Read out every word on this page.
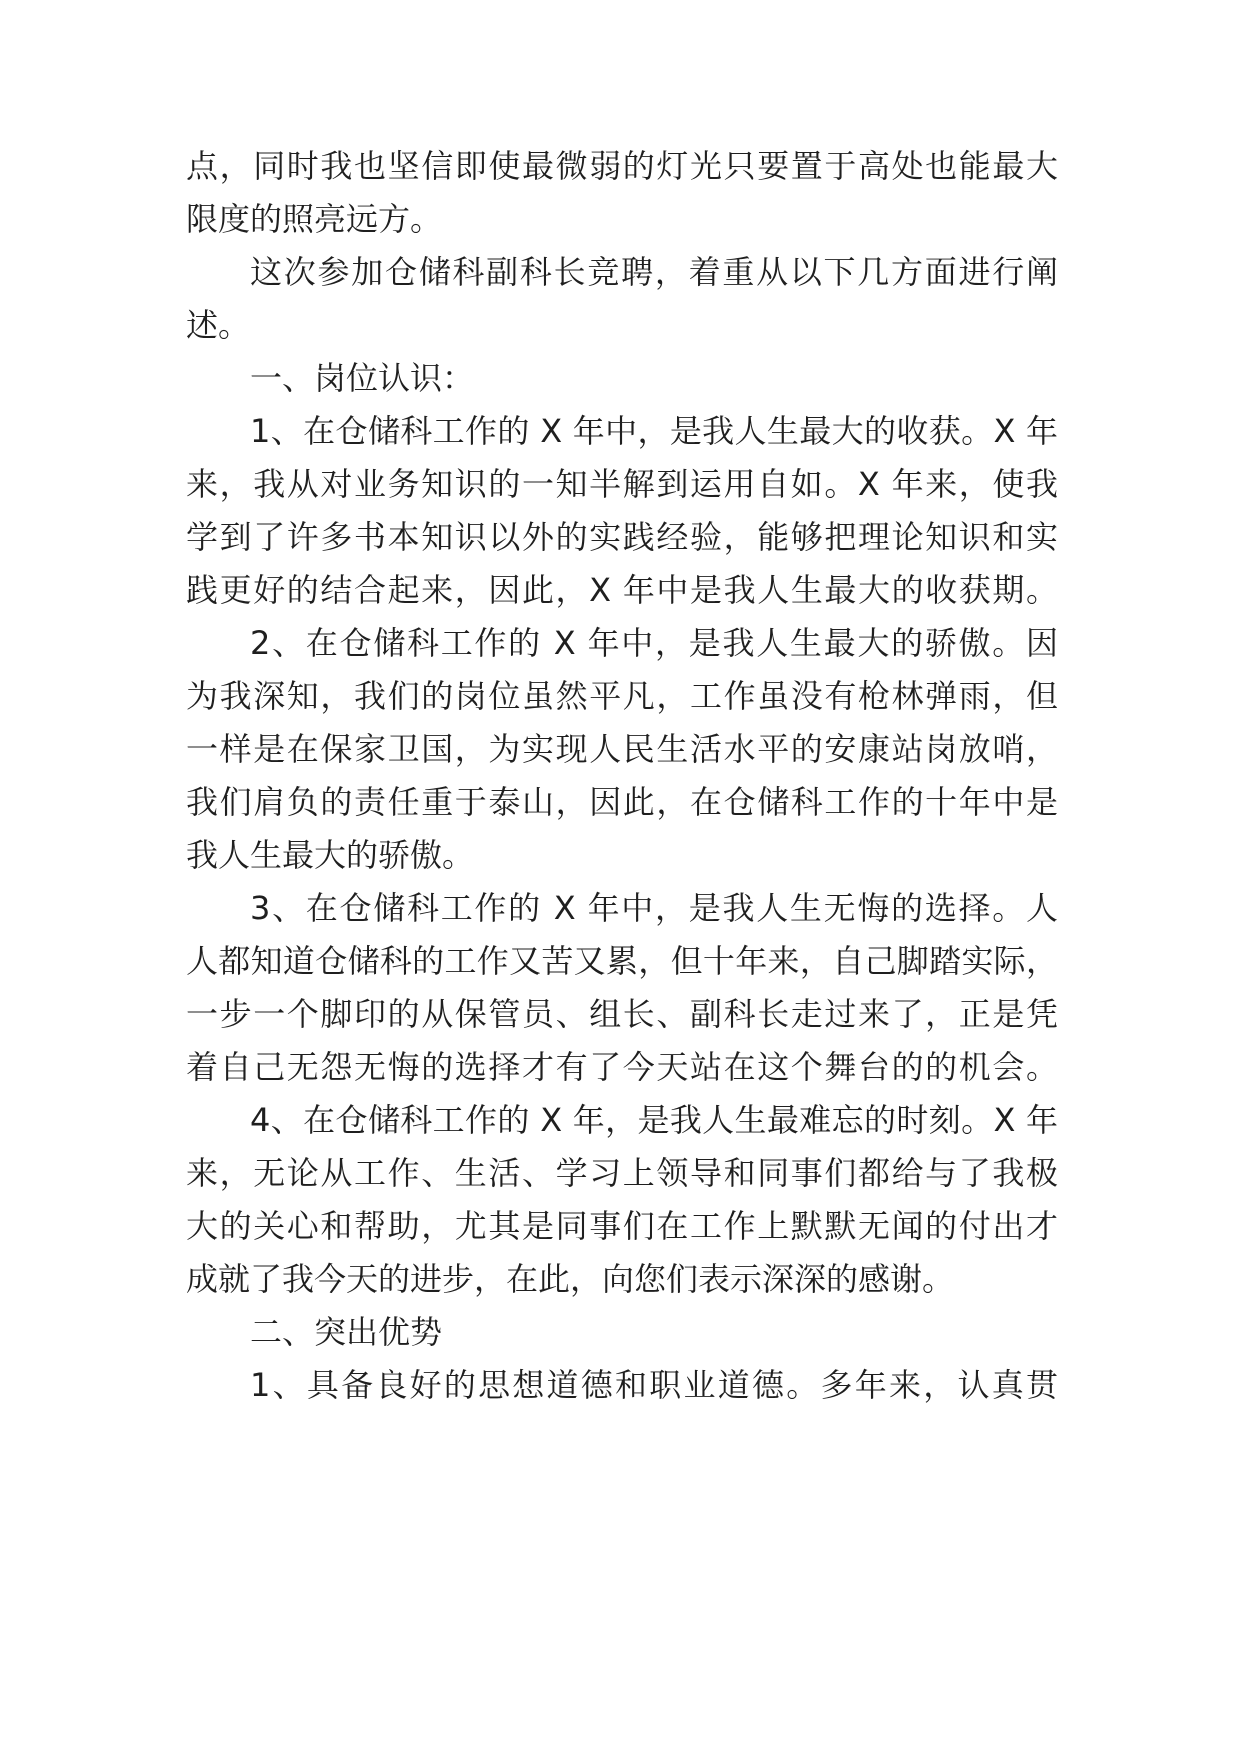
点，同时我也坚信即使最微弱的灯光只要置于高处也能最大
限度的照亮远方。
这次参加仓储科副科长竞聘，着重从以下几方面进行阐
述。
一、岗位认识：
1、在仓储科工作的 X 年中，是我人生最大的收获。X 年
来，我从对业务知识的一知半解到运用自如。X 年来，使我
学到了许多书本知识以外的实践经验，能够把理论知识和实
践更好的结合起来，因此，X 年中是我人生最大的收获期。
2、在仓储科工作的 X 年中，是我人生最大的骄傲。因
为我深知，我们的岗位虽然平凡，工作虽没有枪林弹雨，但
一样是在保家卫国，为实现人民生活水平的安康站岗放哨，
我们肩负的责任重于泰山，因此，在仓储科工作的十年中是
我人生最大的骄傲。
3、在仓储科工作的 X 年中，是我人生无悔的选择。人
人都知道仓储科的工作又苦又累，但十年来，自己脚踏实际，
一步一个脚印的从保管员、组长、副科长走过来了，正是凭
着自己无怨无悔的选择才有了今天站在这个舞台的的机会。
4、在仓储科工作的 X 年，是我人生最难忘的时刻。X 年
来，无论从工作、生活、学习上领导和同事们都给与了我极
大的关心和帮助，尤其是同事们在工作上默默无闻的付出才
成就了我今天的进步，在此，向您们表示深深的感谢。
二、突出优势
1、具备良好的思想道德和职业道德。多年来，认真贯
